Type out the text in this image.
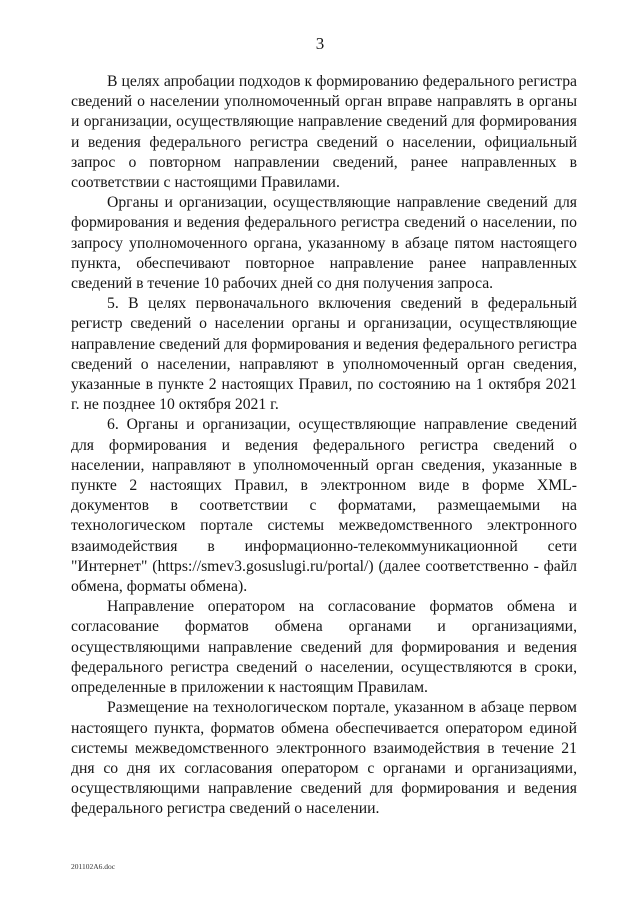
3

В целях апробации подходов к формированию федерального регистра сведений о населении уполномоченный орган вправе направлять в органы и организации, осуществляющие направление сведений для формирования и ведения федерального регистра сведений о населении, официальный запрос о повторном направлении сведений, ранее направленных в соответствии с настоящими Правилами.

Органы и организации, осуществляющие направление сведений для формирования и ведения федерального регистра сведений о населении, по запросу уполномоченного органа, указанному в абзаце пятом настоящего пункта, обеспечивают повторное направление ранее направленных сведений в течение 10 рабочих дней со дня получения запроса.

5. В целях первоначального включения сведений в федеральный регистр сведений о населении органы и организации, осуществляющие направление сведений для формирования и ведения федерального регистра сведений о населении, направляют в уполномоченный орган сведения, указанные в пункте 2 настоящих Правил, по состоянию на 1 октября 2021 г. не позднее 10 октября 2021 г.

6. Органы и организации, осуществляющие направление сведений для формирования и ведения федерального регистра сведений о населении, направляют в уполномоченный орган сведения, указанные в пункте 2 настоящих Правил, в электронном виде в форме XML-документов в соответствии с форматами, размещаемыми на технологическом портале системы межведомственного электронного взаимодействия в информационно-телекоммуникационной сети "Интернет" (https://smev3.gosuslugi.ru/portal/) (далее соответственно - файл обмена, форматы обмена).

Направление оператором на согласование форматов обмена и согласование форматов обмена органами и организациями, осуществляющими направление сведений для формирования и ведения федерального регистра сведений о населении, осуществляются в сроки, определенные в приложении к настоящим Правилам.

Размещение на технологическом портале, указанном в абзаце первом настоящего пункта, форматов обмена обеспечивается оператором единой системы межведомственного электронного взаимодействия в течение 21 дня со дня их согласования оператором с органами и организациями, осуществляющими направление сведений для формирования и ведения федерального регистра сведений о населении.

201102A6.doc
